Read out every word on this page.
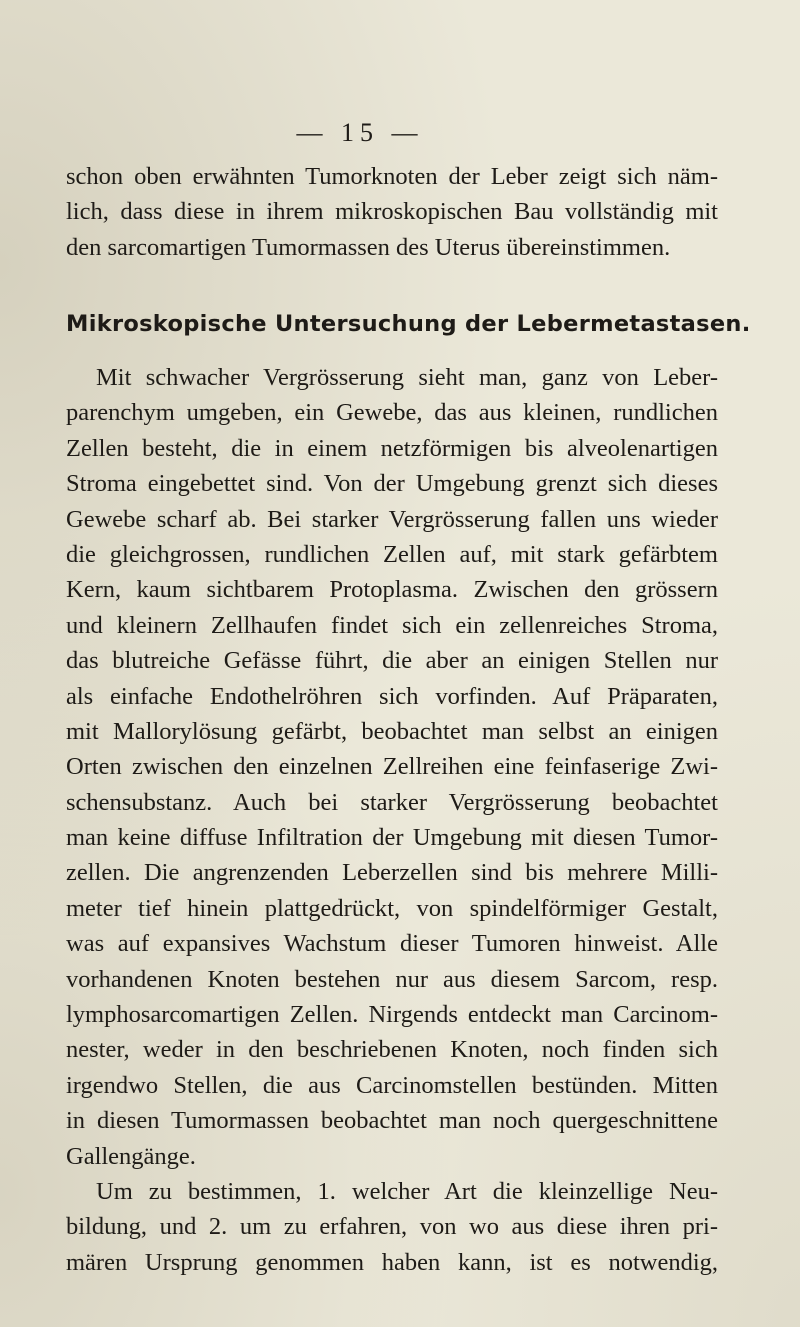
— 15 —
schon oben erwähnten Tumorknoten der Leber zeigt sich näm-
lich, dass diese in ihrem mikroskopischen Bau vollständig mit
den sarcomartigen Tumormassen des Uterus übereinstimmen.
Mikroskopische Untersuchung der Lebermetastasen.
Mit schwacher Vergrösserung sieht man, ganz von Leber-
parenchym umgeben, ein Gewebe, das aus kleinen, rundlichen
Zellen besteht, die in einem netzförmigen bis alveolenartigen
Stroma eingebettet sind. Von der Umgebung grenzt sich dieses
Gewebe scharf ab. Bei starker Vergrösserung fallen uns wieder
die gleichgrossen, rundlichen Zellen auf, mit stark gefärbtem
Kern, kaum sichtbarem Protoplasma. Zwischen den grössern
und kleinern Zellhaufen findet sich ein zellenreiches Stroma,
das blutreiche Gefässe führt, die aber an einigen Stellen nur
als einfache Endothelröhren sich vorfinden. Auf Präparaten,
mit Mallorylösung gefärbt, beobachtet man selbst an einigen
Orten zwischen den einzelnen Zellreihen eine feinfaserige Zwi-
schensubstanz. Auch bei starker Vergrösserung beobachtet
man keine diffuse Infiltration der Umgebung mit diesen Tumor-
zellen. Die angrenzenden Leberzellen sind bis mehrere Milli-
meter tief hinein plattgedrückt, von spindelförmiger Gestalt,
was auf expansives Wachstum dieser Tumoren hinweist. Alle
vorhandenen Knoten bestehen nur aus diesem Sarcom, resp.
lymphosarcomartigen Zellen. Nirgends entdeckt man Carcinom-
nester, weder in den beschriebenen Knoten, noch finden sich
irgendwo Stellen, die aus Carcinomstellen bestünden. Mitten
in diesen Tumormassen beobachtet man noch quergeschnittene
Gallengänge.
Um zu bestimmen, 1. welcher Art die kleinzellige Neu-
bildung, und 2. um zu erfahren, von wo aus diese ihren pri-
mären Ursprung genommen haben kann, ist es notwendig,
